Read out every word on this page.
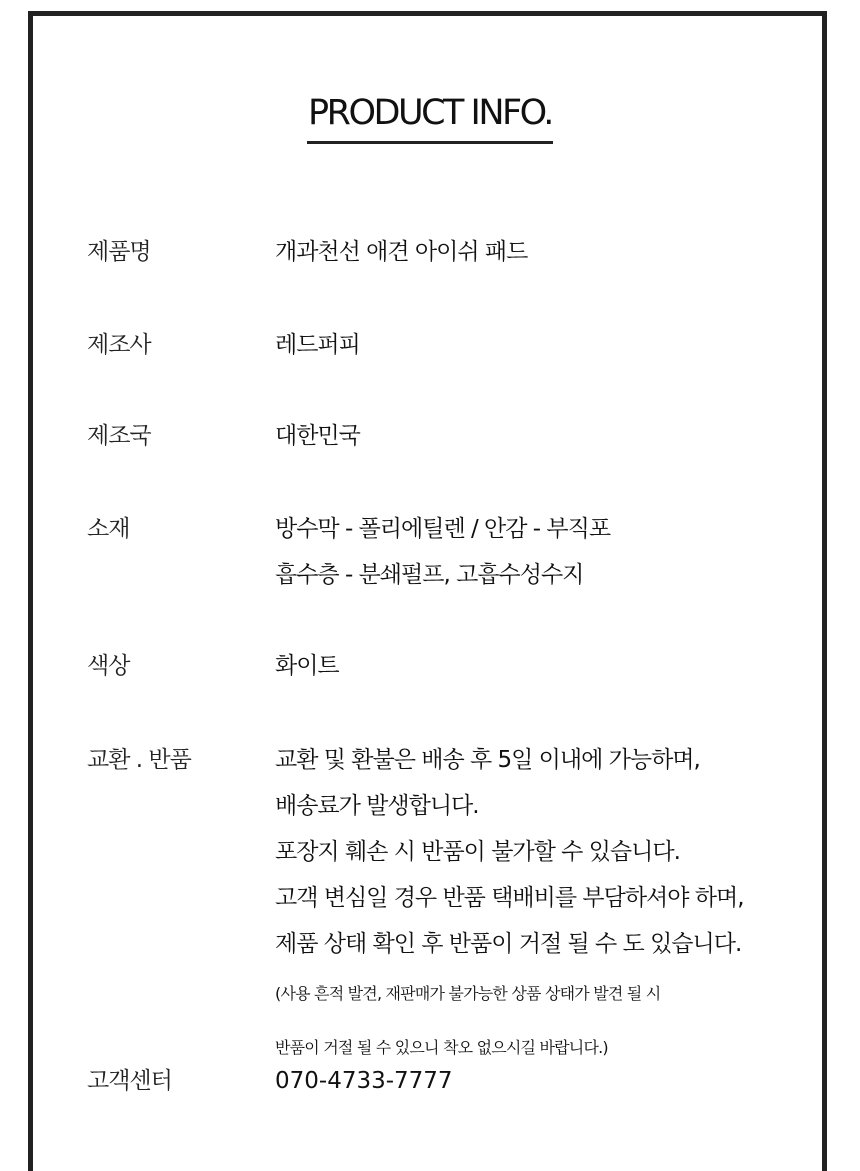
PRODUCT INFO.
제품명	개과천선 애견 아이쉬 패드
제조사	레드퍼피
제조국	대한민국
소재	방수막 - 폴리에틸렌 / 안감 - 부직포
흡수층 - 분쇄펄프, 고흡수성수지
색상	화이트
교환 . 반품	교환 및 환불은 배송 후 5일 이내에 가능하며,
배송료가 발생합니다.
포장지 훼손 시 반품이 불가할 수 있습니다.
고객 변심일 경우 반품 택배비를 부담하셔야 하며,
제품 상태 확인 후 반품이 거절 될 수 도 있습니다.
(사용 흔적 발견, 재판매가 불가능한 상품 상태가 발견 될 시
반품이 거절 될 수 있으니 착오 없으시길 바랍니다.)
고객센터	070-4733-7777
